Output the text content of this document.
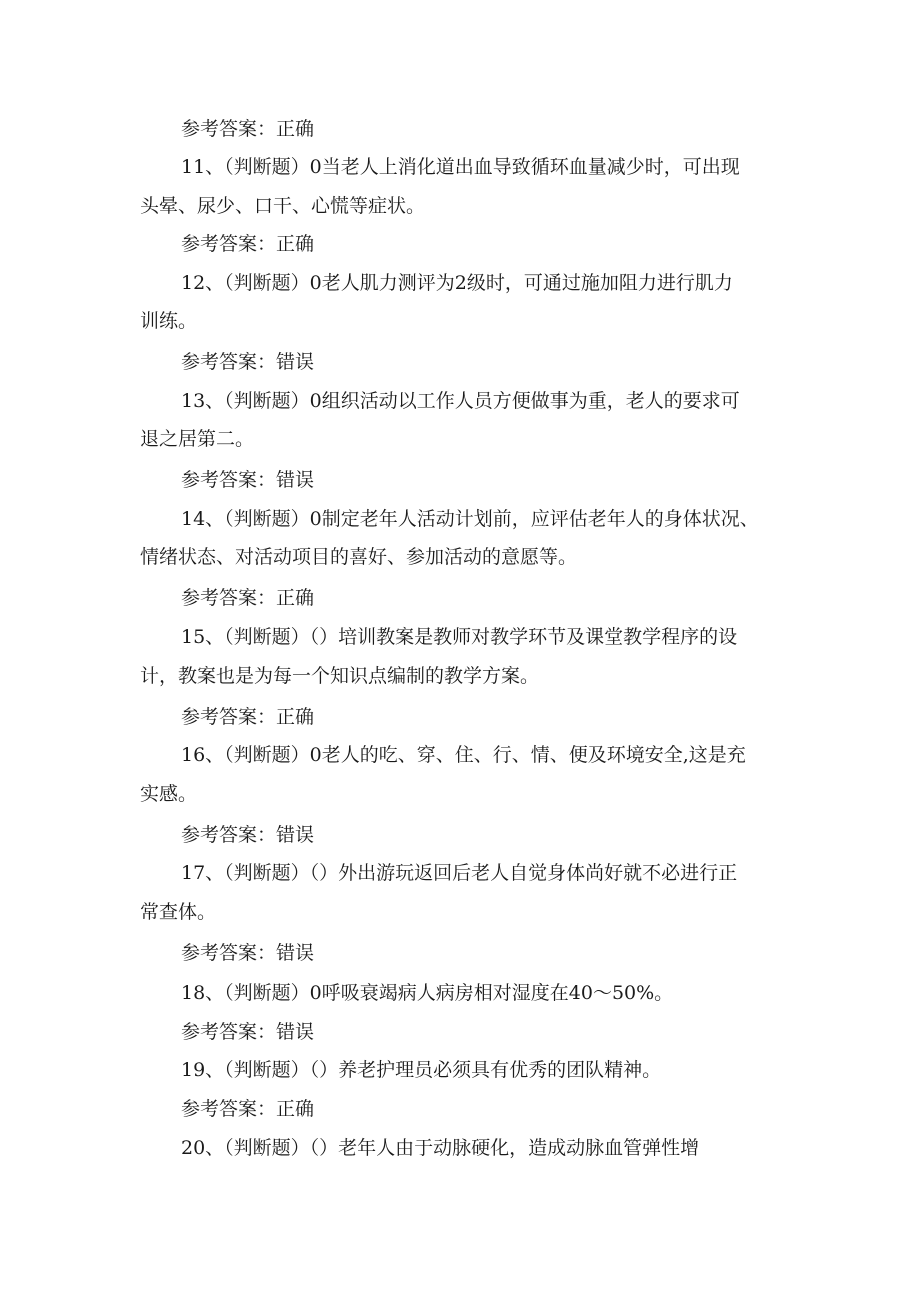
参考答案：正确
11、（判断题）0当老人上消化道出血导致循环血量减少时，可出现
头晕、尿少、口干、心慌等症状。
参考答案：正确
12、（判断题）0老人肌力测评为2级时，可通过施加阻力进行肌力
训练。
参考答案：错误
13、（判断题）0组织活动以工作人员方便做事为重，老人的要求可
退之居第二。
参考答案：错误
14、（判断题）0制定老年人活动计划前，应评估老年人的身体状况、
情绪状态、对活动项目的喜好、参加活动的意愿等。
参考答案：正确
15、（判断题）（）培训教案是教师对教学环节及课堂教学程序的设
计，教案也是为每一个知识点编制的教学方案。
参考答案：正确
16、（判断题）0老人的吃、穿、住、行、情、便及环境安全,这是充
实感。
参考答案：错误
17、（判断题）（）外出游玩返回后老人自觉身体尚好就不必进行正
常查体。
参考答案：错误
18、（判断题）0呼吸衰竭病人病房相对湿度在40～50%。
参考答案：错误
19、（判断题）（）养老护理员必须具有优秀的团队精神。
参考答案：正确
20、（判断题）（）老年人由于动脉硬化，造成动脉血管弹性增
